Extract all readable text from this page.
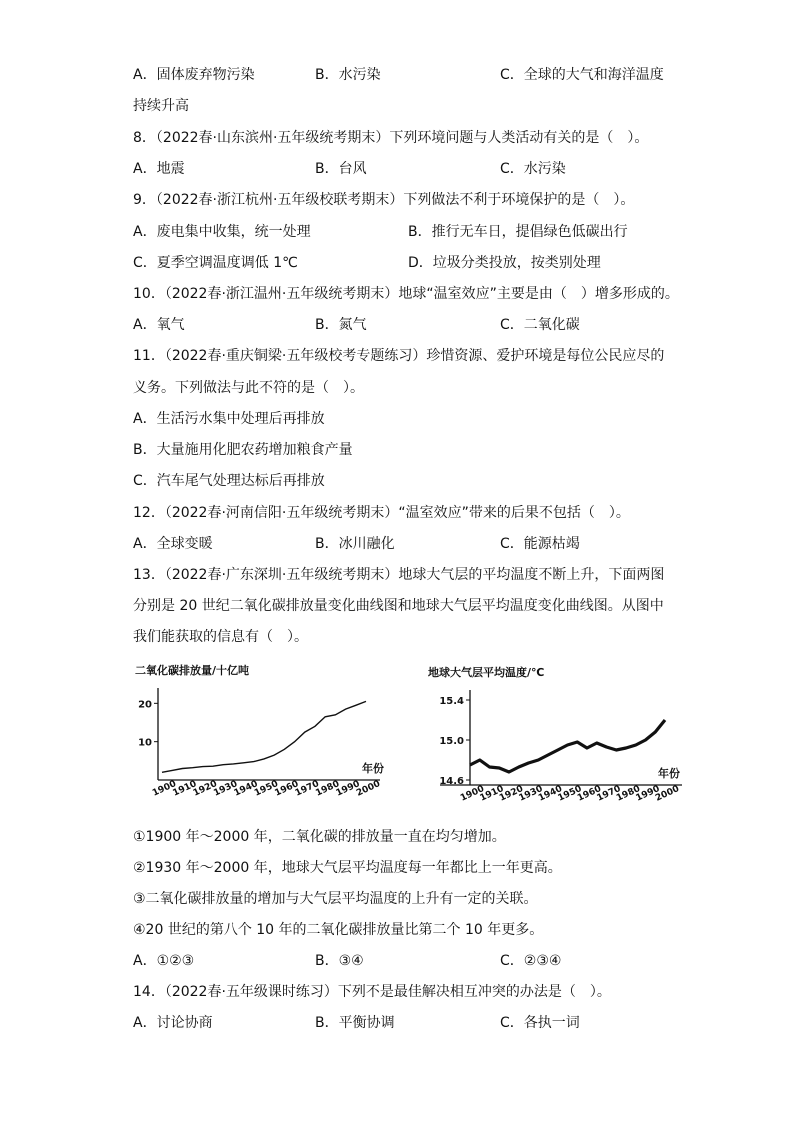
A．固体废弃物污染	B．水污染	C．全球的大气和海洋温度
持续升高
8．（2022春·山东滨州·五年级统考期末）下列环境问题与人类活动有关的是（　）。
A．地震	B．台风	C．水污染
9．（2022春·浙江杭州·五年级校联考期末）下列做法不利于环境保护的是（　）。
A．废电集中收集，统一处理	B．推行无车日，提倡绿色低碳出行
C．夏季空调温度调低 1℃	D．垃圾分类投放，按类别处理
10．（2022春·浙江温州·五年级统考期末）地球“温室效应”主要是由（　）增多形成的。
A．氧气	B．氮气	C．二氧化碳
11．（2022春·重庆铜梁·五年级校考专题练习）珍惜资源、爱护环境是每位公民应尽的
义务。下列做法与此不符的是（　）。
A．生活污水集中处理后再排放
B．大量施用化肥农药增加粮食产量
C．汽车尾气处理达标后再排放
12．（2022春·河南信阳·五年级统考期末）“温室效应”带来的后果不包括（　）。
A．全球变暖	B．冰川融化	C．能源枯竭
13．（2022春·广东深圳·五年级统考期末）地球大气层的平均温度不断上升，下面两图
分别是 20 世纪二氧化碳排放量变化曲线图和地球大气层平均温度变化曲线图。从图中
我们能获取的信息有（　）。
二氧化碳排放量/十亿吨
10
20
1900
1910
1920
1930
1940
1950
1960
1970
1980
1990
2000
年份
地球大气层平均温度/℃
14.6
15.0
15.4
1900
1910
1920
1930
1940
1950
1960
1970
1980
1990
2000
年份
①1900 年～2000 年，二氧化碳的排放量一直在均匀增加。
②1930 年～2000 年，地球大气层平均温度每一年都比上一年更高。
③二氧化碳排放量的增加与大气层平均温度的上升有一定的关联。
④20 世纪的第八个 10 年的二氧化碳排放量比第二个 10 年更多。
A．①②③	B．③④	C．②③④
14．（2022春·五年级课时练习）下列不是最佳解决相互冲突的办法是（　）。
A．讨论协商	B．平衡协调	C．各执一词
